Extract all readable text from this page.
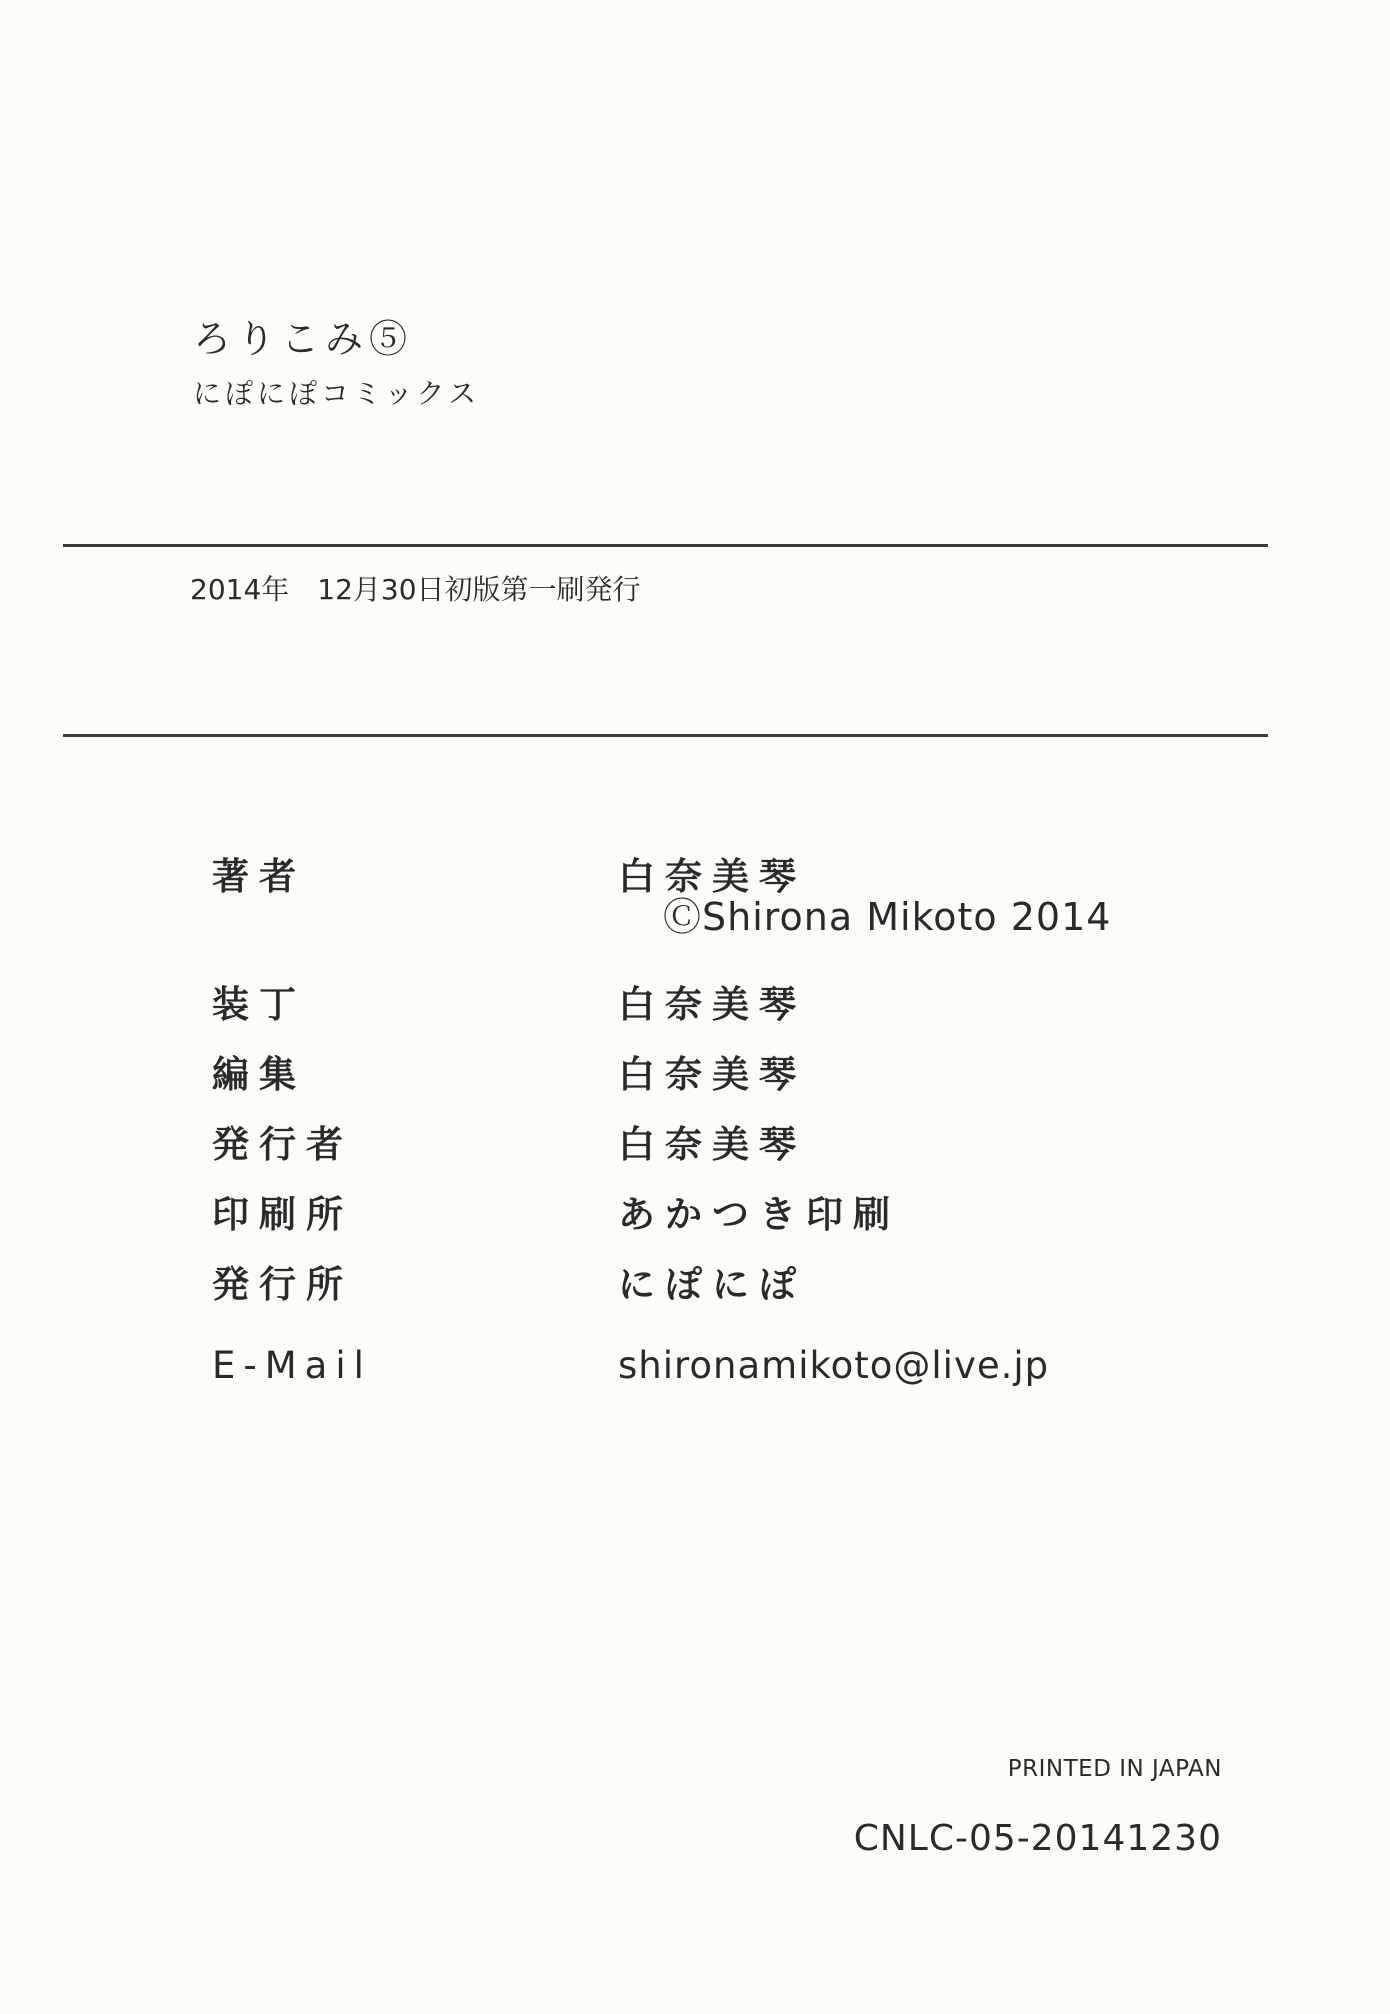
ろりこみ⑤
にぽにぽコミックス
2014年　12月30日初版第一刷発行
著者	白奈美琴
ⒸShirona Mikoto 2014
装丁	白奈美琴
編集	白奈美琴
発行者	白奈美琴
印刷所	あかつき印刷
発行所	にぽにぽ
E-Mail	shironamikoto@live.jp
PRINTED IN JAPAN
CNLC-05-20141230
